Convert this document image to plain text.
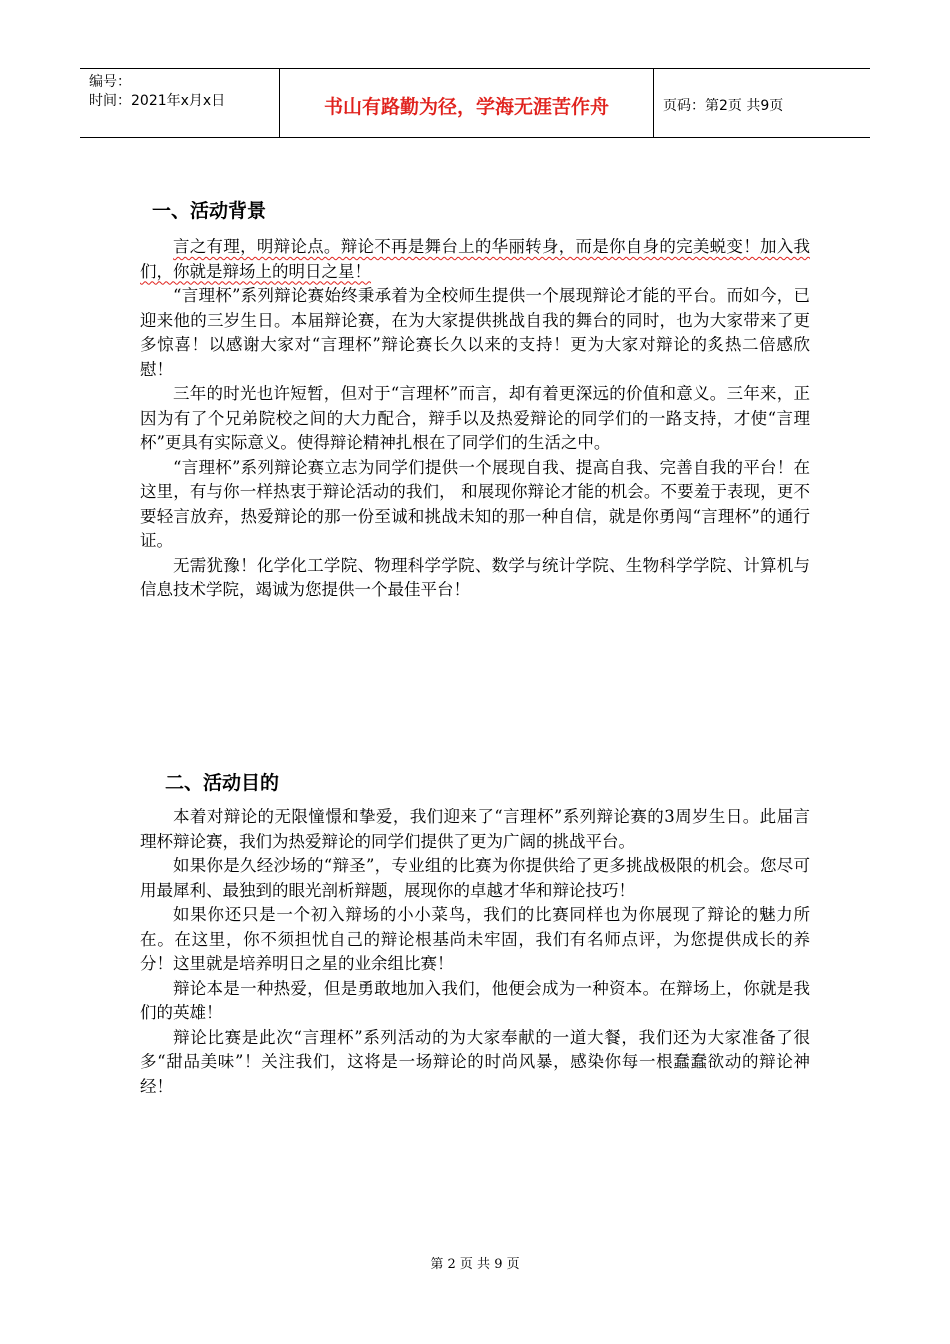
编号：
时间：2021年x月x日	书山有路勤为径，学海无涯苦作舟	页码：第2页 共9页
一、活动背景

言之有理，明辩论点。辩论不再是舞台上的华丽转身，而是你自身的完美蜕变！加入我们，你就是辩场上的明日之星！

“言理杯”系列辩论赛始终秉承着为全校师生提供一个展现辩论才能的平台。而如今，已迎来他的三岁生日。本届辩论赛，在为大家提供挑战自我的舞台的同时，也为大家带来了更多惊喜！以感谢大家对“言理杯”辩论赛长久以来的支持！更为大家对辩论的炙热二倍感欣慰！

三年的时光也许短暂，但对于“言理杯”而言，却有着更深远的价值和意义。三年来，正因为有了个兄弟院校之间的大力配合，辩手以及热爱辩论的同学们的一路支持，才使“言理杯”更具有实际意义。使得辩论精神扎根在了同学们的生活之中。

“言理杯”系列辩论赛立志为同学们提供一个展现自我、提高自我、完善自我的平台！在这里，有与你一样热衷于辩论活动的我们， 和展现你辩论才能的机会。不要羞于表现，更不要轻言放弃，热爱辩论的那一份至诚和挑战未知的那一种自信，就是你勇闯“言理杯”的通行证。

无需犹豫！化学化工学院、物理科学学院、数学与统计学院、生物科学学院、计算机与信息技术学院，竭诚为您提供一个最佳平台！

二、活动目的

本着对辩论的无限憧憬和挚爱，我们迎来了“言理杯”系列辩论赛的3周岁生日。此届言理杯辩论赛，我们为热爱辩论的同学们提供了更为广阔的挑战平台。

如果你是久经沙场的“辩圣”，专业组的比赛为你提供给了更多挑战极限的机会。您尽可用最犀利、最独到的眼光剖析辩题，展现你的卓越才华和辩论技巧！

如果你还只是一个初入辩场的小小菜鸟，我们的比赛同样也为你展现了辩论的魅力所在。在这里，你不须担忧自己的辩论根基尚未牢固，我们有名师点评，为您提供成长的养分！这里就是培养明日之星的业余组比赛！

辩论本是一种热爱，但是勇敢地加入我们，他便会成为一种资本。在辩场上，你就是我们的英雄！

辩论比赛是此次“言理杯”系列活动的为大家奉献的一道大餐，我们还为大家准备了很多“甜品美味”！关注我们，这将是一场辩论的时尚风暴，感染你每一根蠢蠢欲动的辩论神经！

第 2 页 共 9 页
